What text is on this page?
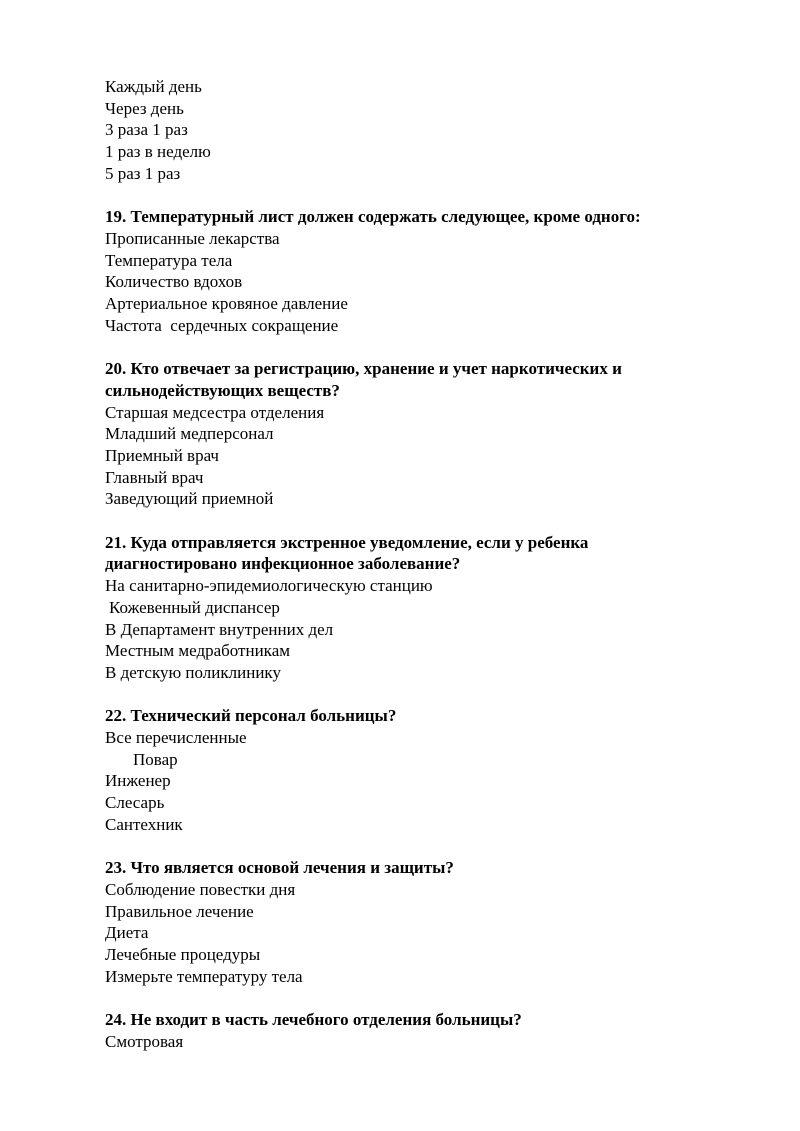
Каждый день
Через день
3 раза 1 раз
1 раз в неделю
5 раз 1 раз
19. Температурный лист должен содержать следующее, кроме одного:
Прописанные лекарства
Температура тела
Количество вдохов
Артериальное кровяное давление
Частота  сердечных сокращение
20. Кто отвечает за регистрацию, хранение и учет наркотических и
сильнодействующих веществ?
Старшая медсестра отделения
Младший медперсонал
Приемный врач
Главный врач
Заведующий приемной
21. Куда отправляется экстренное уведомление, если у ребенка
диагностировано инфекционное заболевание?
На санитарно-эпидемиологическую станцию
Кожевенный диспансер
В Департамент внутренних дел
Местным медработникам
В детскую поликлинику
22. Технический персонал больницы?
Все перечисленные
Повар
Инженер
Слесарь
Сантехник
23. Что является основой лечения и защиты?
Соблюдение повестки дня
Правильное лечение
Диета
Лечебные процедуры
Измерьте температуру тела
24. Не входит в часть лечебного отделения больницы?
Смотровая
